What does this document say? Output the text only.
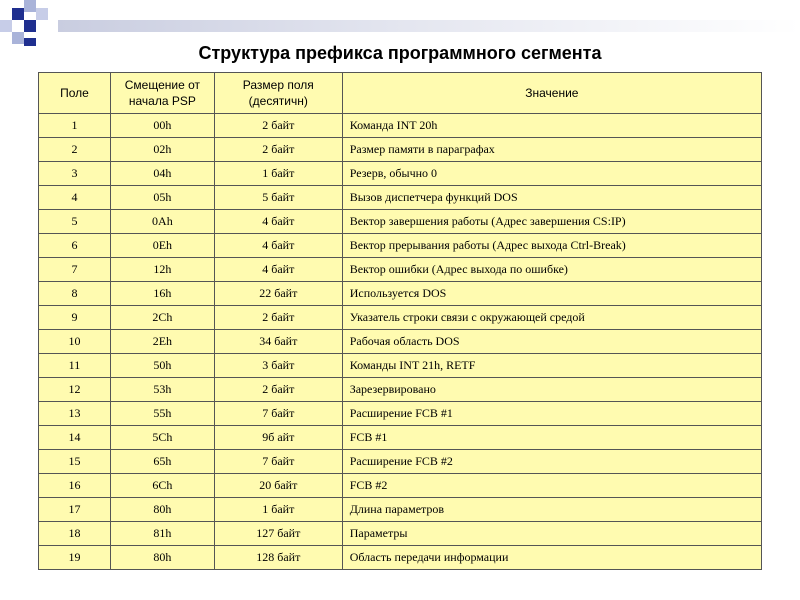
Структура префикса программного сегмента
Поле	Смещение от начала PSP	Размер поля (десятичн)	Значение
1	00h	2 байт	Команда INT 20h
2	02h	2 байт	Размер памяти в параграфах
3	04h	1 байт	Резерв, обычно 0
4	05h	5 байт	Вызов диспетчера функций DOS
5	0Ah	4 байт	Вектор завершения работы (Адрес завершения CS:IP)
6	0Eh	4 байт	Вектор прерывания работы (Адрес выхода Ctrl-Break)
7	12h	4 байт	Вектор ошибки (Адрес выхода по ошибке)
8	16h	22 байт	Используется DOS
9	2Ch	2 байт	Указатель строки связи с окружающей средой
10	2Eh	34 байт	Рабочая область DOS
11	50h	3 байт	Команды INT 21h, RETF
12	53h	2 байт	Зарезервировано
13	55h	7 байт	Расширение FCB #1
14	5Ch	9б айт	FCB #1
15	65h	7 байт	Расширение FCB #2
16	6Ch	20 байт	FCB #2
17	80h	1 байт	Длина параметров
18	81h	127 байт	Параметры
19	80h	128 байт	Область передачи информации
